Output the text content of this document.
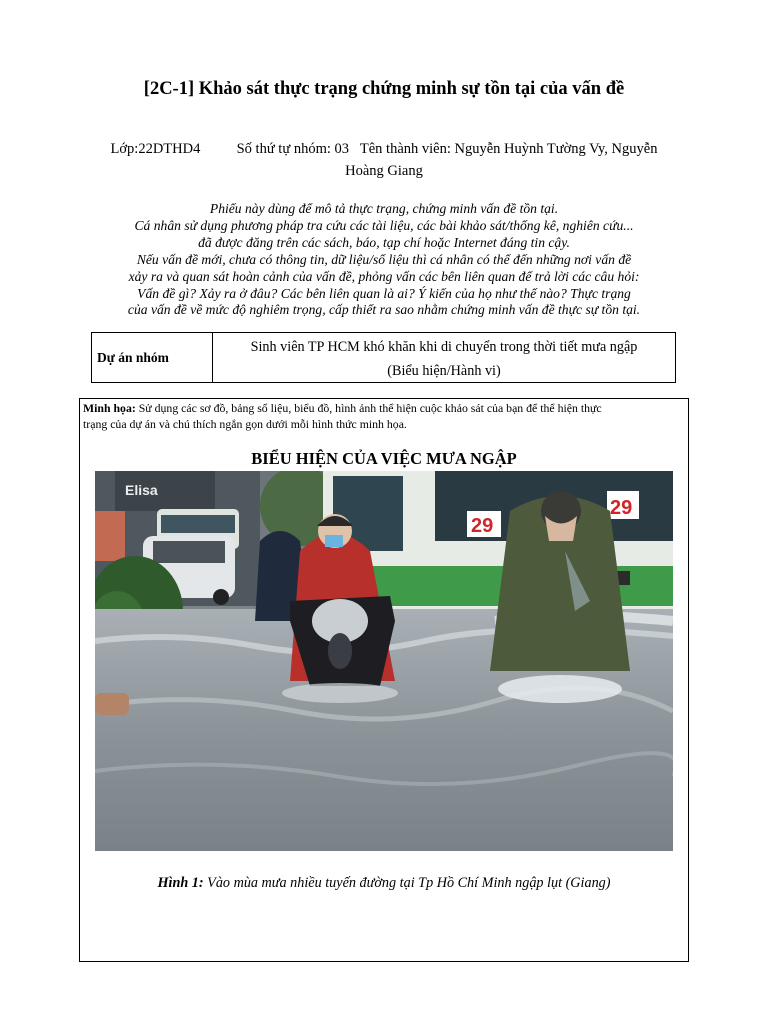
[2C-1] Khảo sát thực trạng chứng minh sự tồn tại của vấn đề
Lớp:22DTHD4	Số thứ tự nhóm: 03 Tên thành viên: Nguyễn Huỳnh Tường Vy, Nguyễn
Hoàng Giang
Phiếu này dùng để mô tả thực trạng, chứng minh vấn đề tồn tại.
Cá nhân sử dụng phương pháp tra cứu các tài liệu, các bài khảo sát/thống kê, nghiên cứu...
đã được đăng trên các sách, báo, tạp chí hoặc Internet đáng tin cậy.
Nếu vấn đề mới, chưa có thông tin, dữ liệu/số liệu thì cá nhân có thể đến những nơi vấn đề
xảy ra và quan sát hoàn cảnh của vấn đề, phỏng vấn các bên liên quan để trả lời các câu hỏi:
Vấn đề gì? Xảy ra ở đâu? Các bên liên quan là ai? Ý kiến của họ như thế nào? Thực trạng
của vấn đề về mức độ nghiêm trọng, cấp thiết ra sao nhằm chứng minh vấn đề thực sự tồn tại.
Dự án nhóm
Sinh viên TP HCM khó khăn khi di chuyển trong thời tiết mưa ngập
(Biểu hiện/Hành vi)
Minh họa: Sử dụng các sơ đồ, bảng số liệu, biểu đồ, hình ảnh thể hiện cuộc khảo sát của bạn để thể hiện thực
trạng của dự án và chú thích ngắn gọn dưới mỗi hình thức minh họa.
BIỂU HIỆN CỦA VIỆC MƯA NGẬP
Elisa
29
29
Hình 1: Vào mùa mưa nhiều tuyến đường tại Tp Hồ Chí Minh ngập lụt (Giang)
